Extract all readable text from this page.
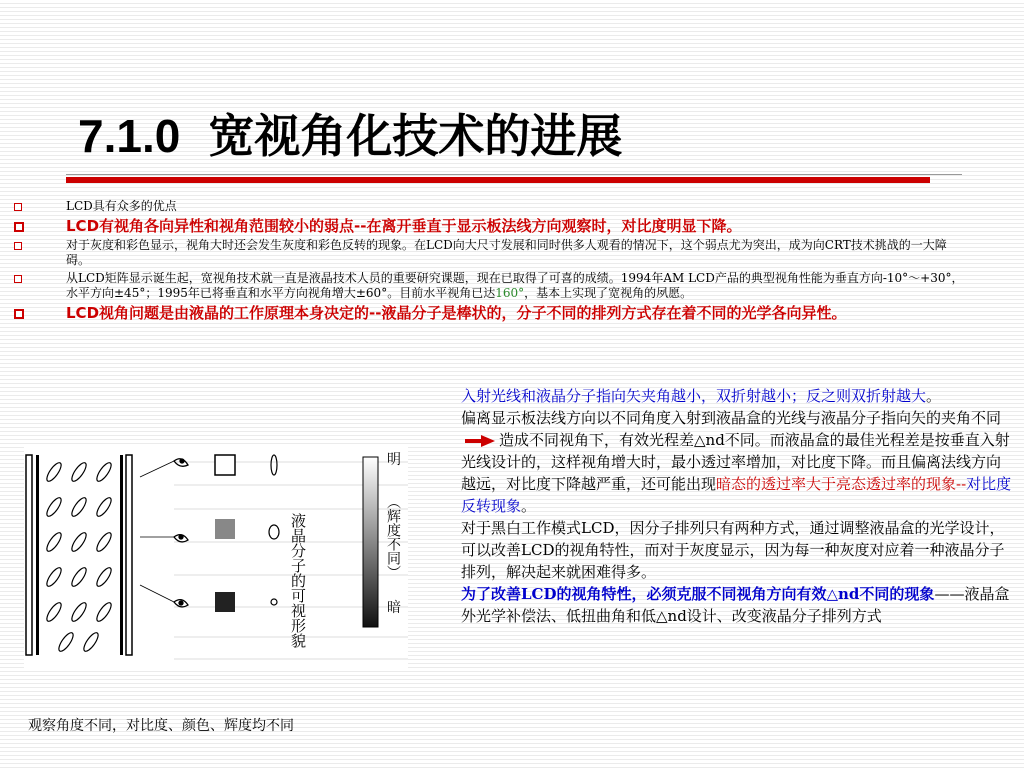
7.1.0 宽视角化技术的进展
LCD具有众多的优点
LCD有视角各向异性和视角范围较小的弱点--在离开垂直于显示板法线方向观察时，对比度明显下降。
对于灰度和彩色显示，视角大时还会发生灰度和彩色反转的现象。在LCD向大尺寸发展和同时供多人观看的情况下，这个弱点尤为突出，成为向CRT技术挑战的一大障碍。
从LCD矩阵显示诞生起，宽视角技术就一直是液晶技术人员的重要研究课题，现在已取得了可喜的成绩。1994年AM LCD产品的典型视角性能为垂直方向-10°～+30°，水平方向±45°；1995年已将垂直和水平方向视角增大±60°。目前水平视角已达160°，基本上实现了宽视角的夙愿。
LCD视角问题是由液晶的工作原理本身决定的--液晶分子是棒状的，分子不同的排列方式存在着不同的光学各向异性。
液晶分子的可视形貌
明
（辉度不同）
暗
观察角度不同，对比度、颜色、辉度均不同

入射光线和液晶分子指向矢夹角越小，双折射越小；反之则双折射越大。

偏离显示板法线方向以不同角度入射到液晶盒的光线与液晶分子指向矢的夹角不同造成不同视角下，有效光程差△nd不同。而液晶盒的最佳光程差是按垂直入射光线设计的，这样视角增大时，最小透过率增加，对比度下降。而且偏离法线方向越远，对比度下降越严重，还可能出现暗态的透过率大于亮态透过率的现象--对比度反转现象。

对于黑白工作模式LCD，因分子排列只有两种方式，通过调整液晶盒的光学设计，可以改善LCD的视角特性，而对于灰度显示，因为每一种灰度对应着一种液晶分子排列，解决起来就困难得多。

为了改善LCD的视角特性，必须克服不同视角方向有效△nd不同的现象——液晶盒外光学补偿法、低扭曲角和低△nd设计、改变液晶分子排列方式
